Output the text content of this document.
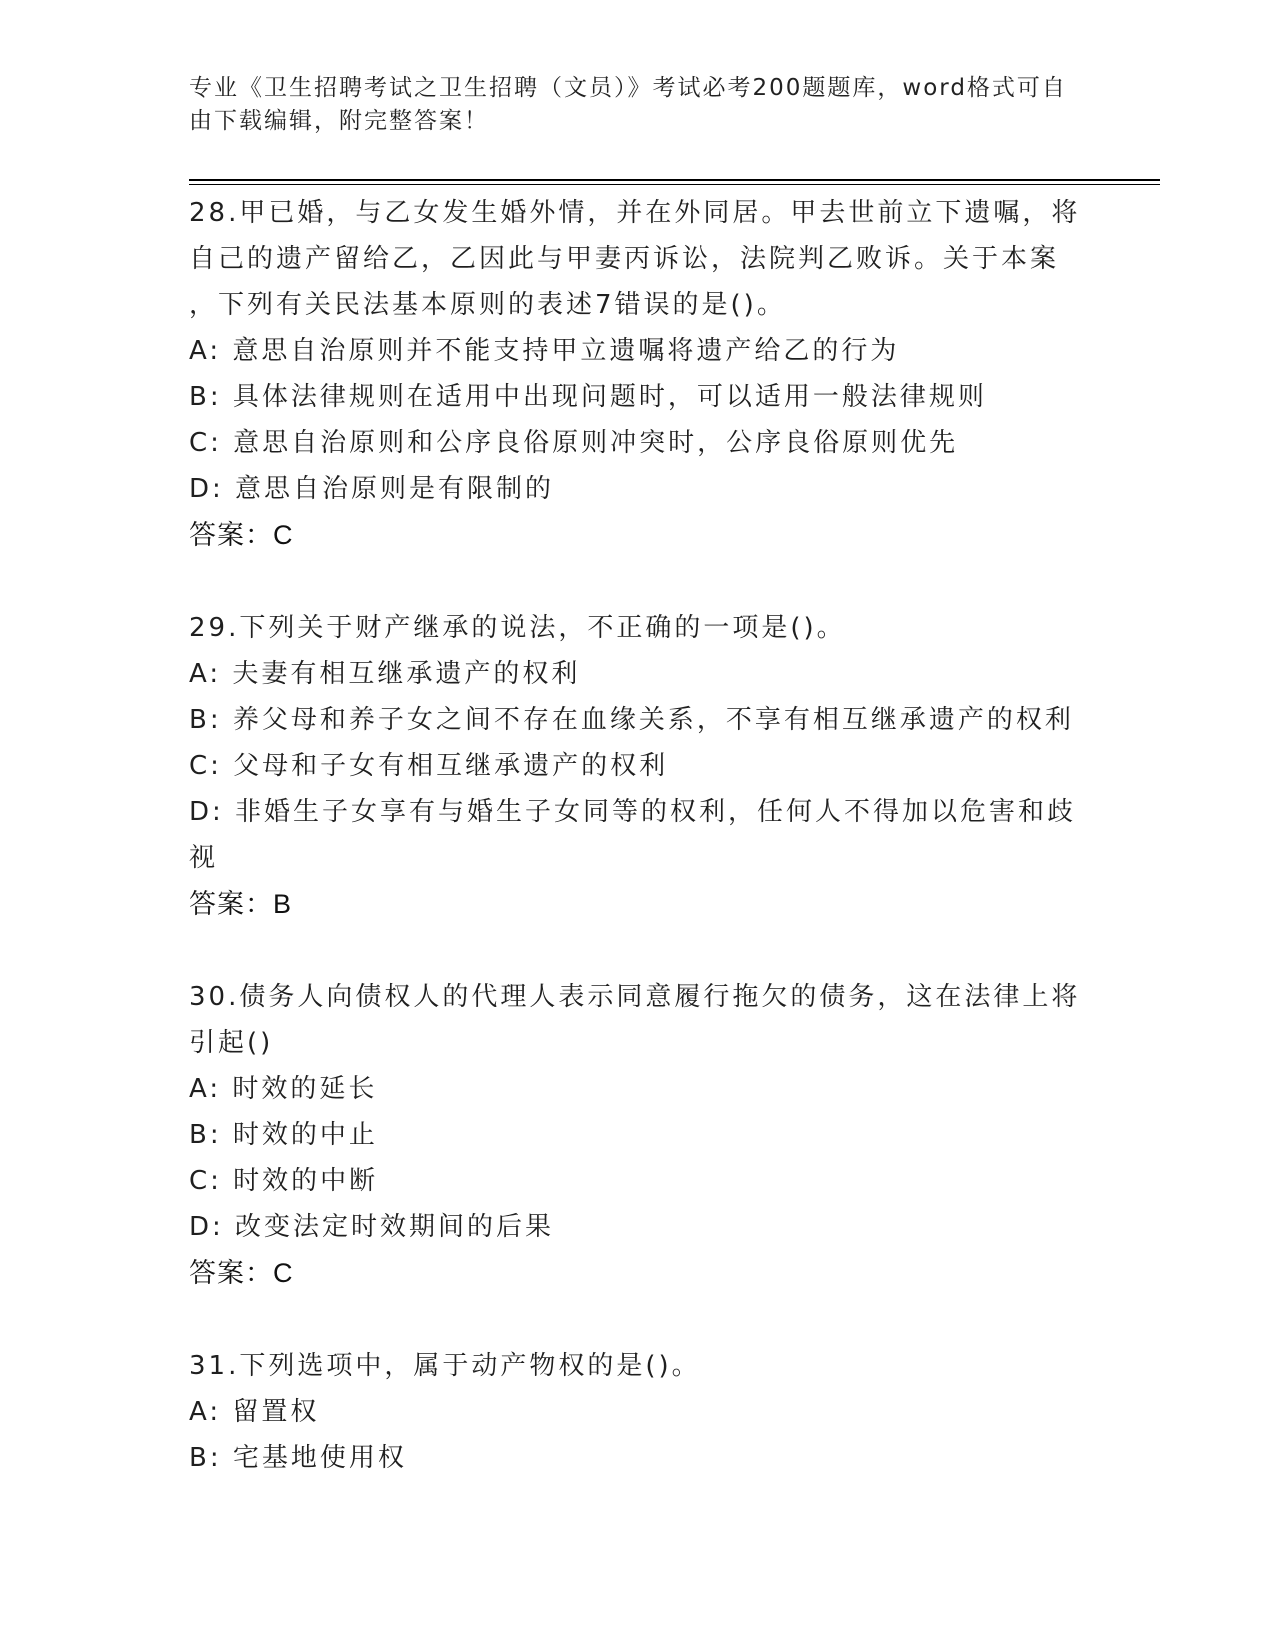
专业《卫生招聘考试之卫生招聘（文员）》考试必考200题题库，word格式可自
由下载编辑，附完整答案！
28.甲已婚，与乙女发生婚外情，并在外同居。甲去世前立下遗嘱，将
自己的遗产留给乙，乙因此与甲妻丙诉讼，法院判乙败诉。关于本案
，下列有关民法基本原则的表述7错误的是()。
A: 意思自治原则并不能支持甲立遗嘱将遗产给乙的行为
B: 具体法律规则在适用中出现问题时，可以适用一般法律规则
C: 意思自治原则和公序良俗原则冲突时，公序良俗原则优先
D: 意思自治原则是有限制的
答案：C
29.下列关于财产继承的说法，不正确的一项是()。
A: 夫妻有相互继承遗产的权利
B: 养父母和养子女之间不存在血缘关系，不享有相互继承遗产的权利
C: 父母和子女有相互继承遗产的权利
D: 非婚生子女享有与婚生子女同等的权利，任何人不得加以危害和歧
视
答案：B
30.债务人向债权人的代理人表示同意履行拖欠的债务，这在法律上将
引起()
A: 时效的延长
B: 时效的中止
C: 时效的中断
D: 改变法定时效期间的后果
答案：C
31.下列选项中，属于动产物权的是()。
A: 留置权
B: 宅基地使用权
